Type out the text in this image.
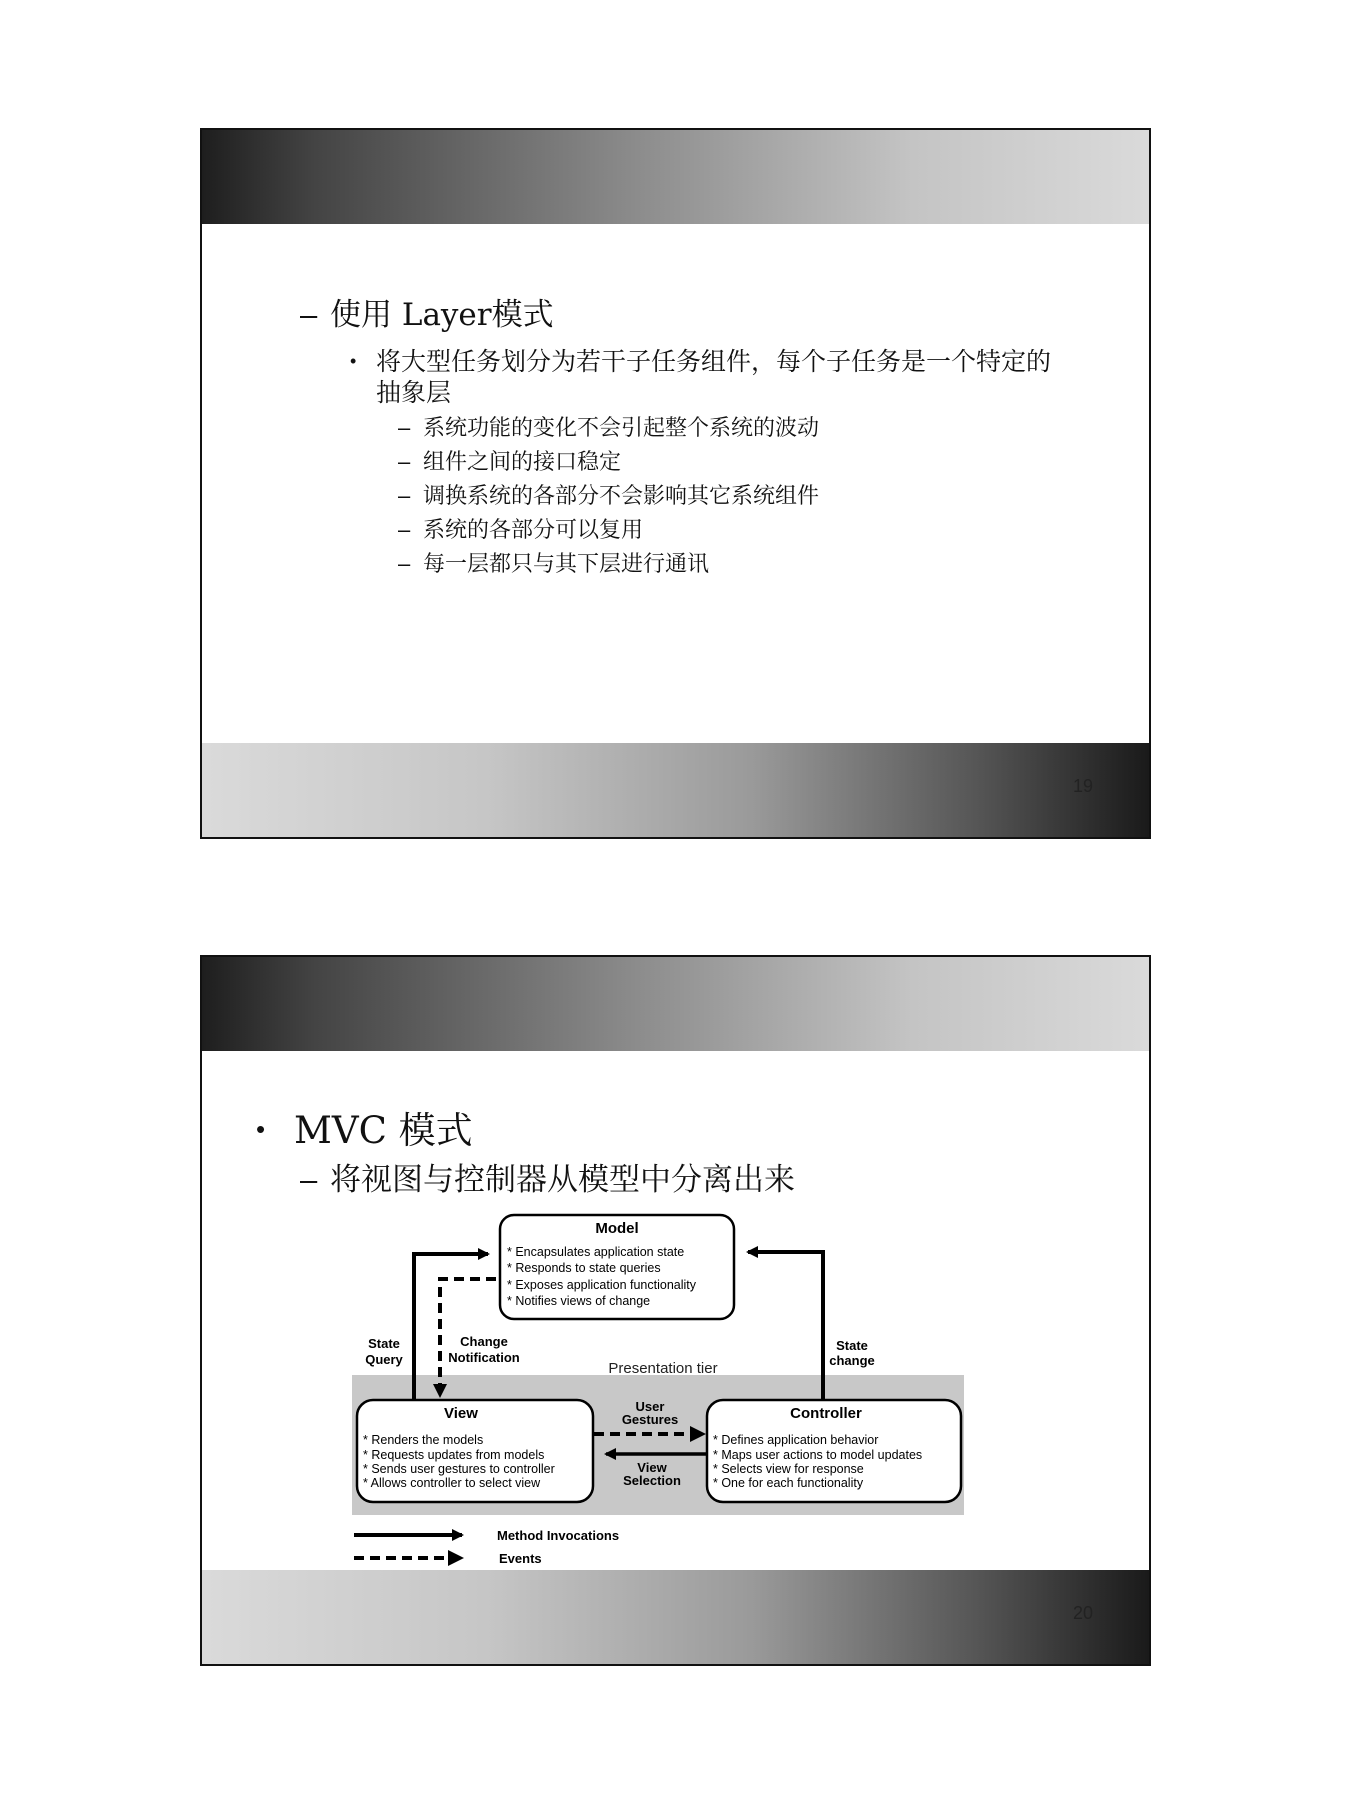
– 使用 Layer模式
• 将大型任务划分为若干子任务组件，每个子任务是一个特定的
抽象层
– 系统功能的变化不会引起整个系统的波动
– 组件之间的接口稳定
– 调换系统的各部分不会影响其它系统组件
– 系统的各部分可以复用
– 每一层都只与其下层进行通讯
19
• MVC 模式
– 将视图与控制器从模型中分离出来
Presentation tier
Model
* Encapsulates application state
* Responds to state queries
* Exposes application functionality
* Notifies views of change
View
* Renders the models
* Requests updates from models
* Sends user gestures to controller
* Allows controller to select view
Controller
* Defines application behavior
* Maps user actions to model updates
* Selects view for response
* One for each functionality
State
Query
Change
Notification
State
change
User
Gestures
View
Selection
Method Invocations
Events
20
